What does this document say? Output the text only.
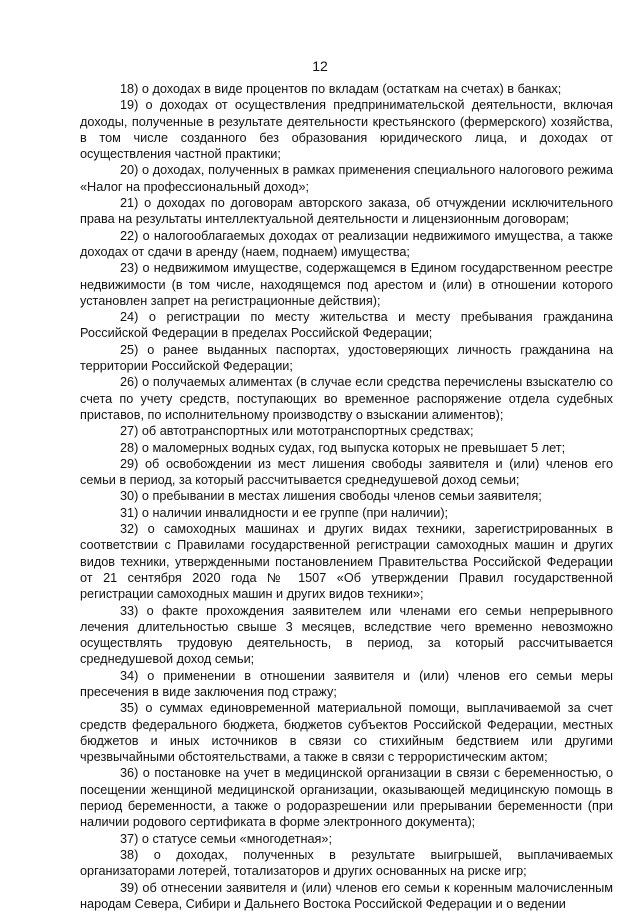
12

18) о доходах в виде процентов по вкладам (остаткам на счетах) в банках;

19) о доходах от осуществления предпринимательской деятельности, включая доходы, полученные в результате деятельности крестьянского (фермерского) хозяйства, в том числе созданного без образования юридического лица, и доходах от осуществления частной практики;

20) о доходах, полученных в рамках применения специального налогового режима «Налог на профессиональный доход»;

21) о доходах по договорам авторского заказа, об отчуждении исключительного права на результаты интеллектуальной деятельности и лицензионным договорам;

22) о налогооблагаемых доходах от реализации недвижимого имущества, а также доходах от сдачи в аренду (наем, поднаем) имущества;

23) о недвижимом имуществе, содержащемся в Едином государственном реестре недвижимости (в том числе, находящемся под арестом и (или) в отношении которого установлен запрет на регистрационные действия);

24) о регистрации по месту жительства и месту пребывания гражданина Российской Федерации в пределах Российской Федерации;

25) о ранее выданных паспортах, удостоверяющих личность гражданина на территории Российской Федерации;

26) о получаемых алиментах (в случае если средства перечислены взыскателю со счета по учету средств, поступающих во временное распоряжение отдела судебных приставов, по исполнительному производству о взыскании алиментов);

27) об автотранспортных или мототранспортных средствах;

28) о маломерных водных судах, год выпуска которых не превышает 5 лет;

29) об освобождении из мест лишения свободы заявителя и (или) членов его семьи в период, за который рассчитывается среднедушевой доход семьи;

30) о пребывании в местах лишения свободы членов семьи заявителя;

31) о наличии инвалидности и ее группе (при наличии);

32) о самоходных машинах и других видах техники, зарегистрированных в соответствии с Правилами государственной регистрации самоходных машин и других видов техники, утвержденными постановлением Правительства Российской Федерации от 21 сентября 2020 года № 1507 «Об утверждении Правил государственной регистрации самоходных машин и других видов техники»;

33) о факте прохождения заявителем или членами его семьи непрерывного лечения длительностью свыше 3 месяцев, вследствие чего временно невозможно осуществлять трудовую деятельность, в период, за который рассчитывается среднедушевой доход семьи;

34) о применении в отношении заявителя и (или) членов его семьи меры пресечения в виде заключения под стражу;

35) о суммах единовременной материальной помощи, выплачиваемой за счет средств федерального бюджета, бюджетов субъектов Российской Федерации, местных бюджетов и иных источников в связи со стихийным бедствием или другими чрезвычайными обстоятельствами, а также в связи с террористическим актом;

36) о постановке на учет в медицинской организации в связи с беременностью, о посещении женщиной медицинской организации, оказывающей медицинскую помощь в период беременности, а также о родоразрешении или прерывании беременности (при наличии родового сертификата в форме электронного документа);

37) о статусе семьи «многодетная»;

38) о доходах, полученных в результате выигрышей, выплачиваемых организаторами лотерей, тотализаторов и других основанных на риске игр;

39) об отнесении заявителя и (или) членов его семьи к коренным малочисленным народам Севера, Сибири и Дальнего Востока Российской Федерации и о ведении
